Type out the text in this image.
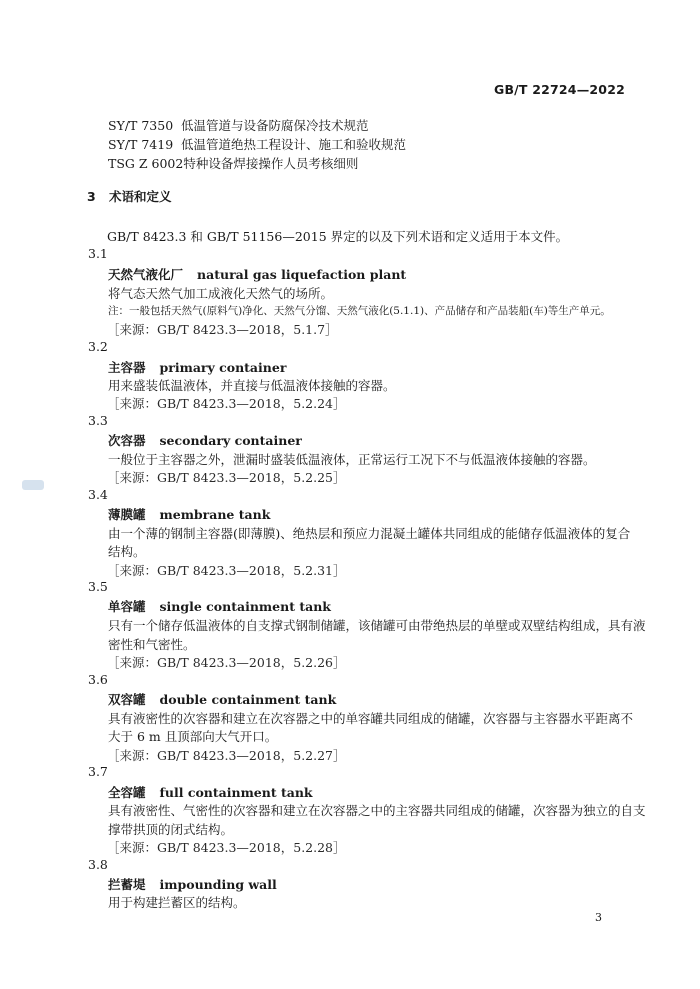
GB/T 22724—2022
SY/T 7350 低温管道与设备防腐保冷技术规范
SY/T 7419 低温管道绝热工程设计、施工和验收规范
TSG Z 6002特种设备焊接操作人员考核细则
3 术语和定义
GB/T 8423.3 和 GB/T 51156—2015 界定的以及下列术语和定义适用于本文件。
3.1
天然气液化厂 natural gas liquefaction plant
将气态天然气加工成液化天然气的场所。
注：一般包括天然气(原料气)净化、天然气分馏、天然气液化(5.1.1)、产品储存和产品装船(车)等生产单元。
［来源：GB/T 8423.3—2018，5.1.7］
3.2
主容器 primary container
用来盛装低温液体，并直接与低温液体接触的容器。
［来源：GB/T 8423.3—2018，5.2.24］
3.3
次容器 secondary container
一般位于主容器之外，泄漏时盛装低温液体，正常运行工况下不与低温液体接触的容器。
［来源：GB/T 8423.3—2018，5.2.25］
3.4
薄膜罐 membrane tank
由一个薄的钢制主容器(即薄膜)、绝热层和预应力混凝土罐体共同组成的能储存低温液体的复合
结构。
［来源：GB/T 8423.3—2018，5.2.31］
3.5
单容罐 single containment tank
只有一个储存低温液体的自支撑式钢制储罐，该储罐可由带绝热层的单壁或双壁结构组成，具有液
密性和气密性。
［来源：GB/T 8423.3—2018，5.2.26］
3.6
双容罐 double containment tank
具有液密性的次容器和建立在次容器之中的单容罐共同组成的储罐，次容器与主容器水平距离不
大于 6 m 且顶部向大气开口。
［来源：GB/T 8423.3—2018，5.2.27］
3.7
全容罐 full containment tank
具有液密性、气密性的次容器和建立在次容器之中的主容器共同组成的储罐，次容器为独立的自支
撑带拱顶的闭式结构。
［来源：GB/T 8423.3—2018，5.2.28］
3.8
拦蓄堤 impounding wall
用于构建拦蓄区的结构。
3
